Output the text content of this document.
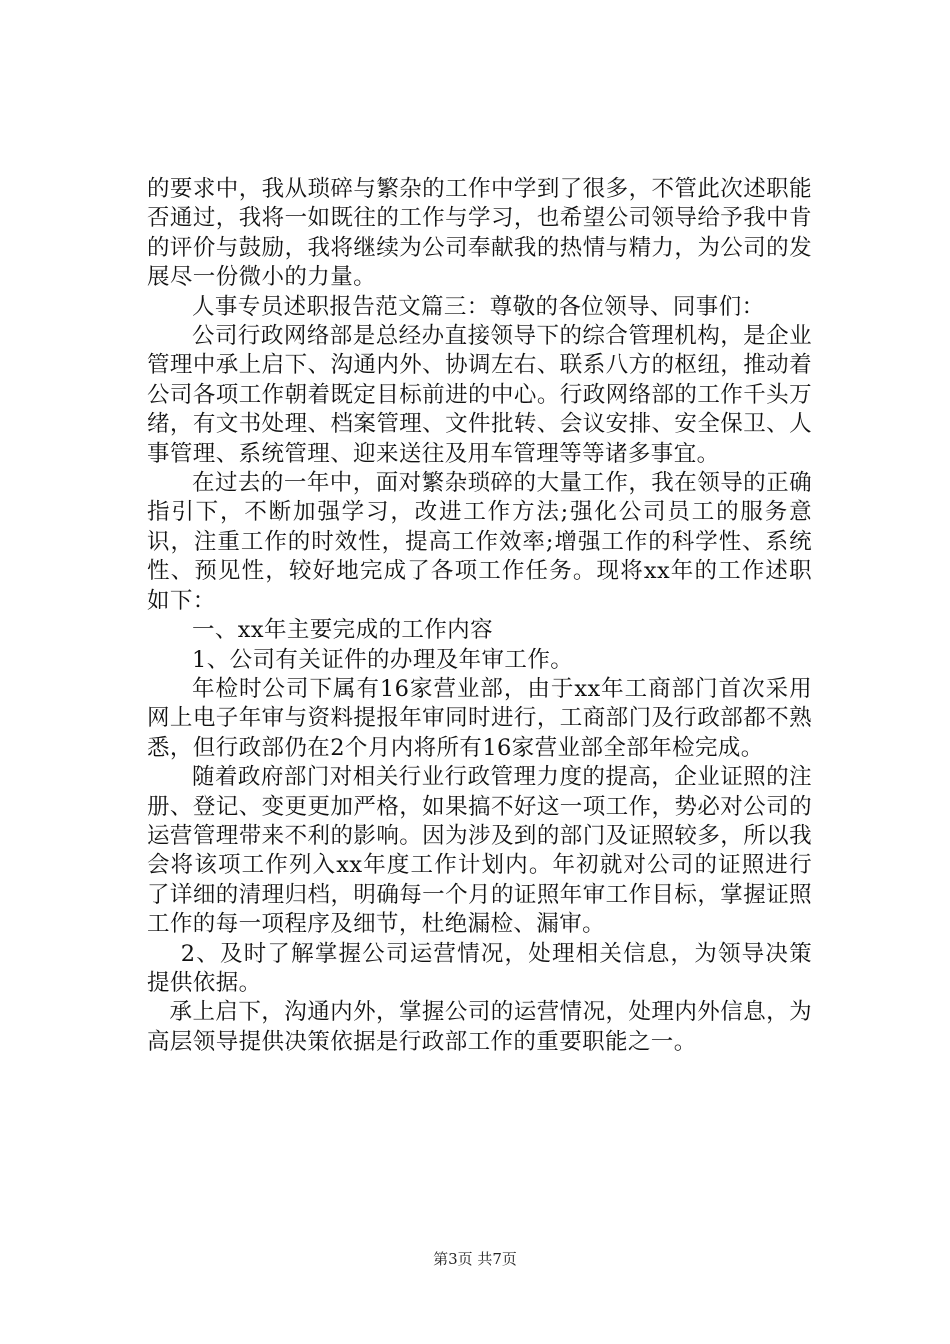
的要求中，我从琐碎与繁杂的工作中学到了很多，不管此次述职能否通过，我将一如既往的工作与学习，也希望公司领导给予我中肯的评价与鼓励，我将继续为公司奉献我的热情与精力，为公司的发展尽一份微小的力量。

人事专员述职报告范文篇三：尊敬的各位领导、同事们：

公司行政网络部是总经办直接领导下的综合管理机构，是企业管理中承上启下、沟通内外、协调左右、联系八方的枢纽，推动着公司各项工作朝着既定目标前进的中心。行政网络部的工作千头万绪，有文书处理、档案管理、文件批转、会议安排、安全保卫、人事管理、系统管理、迎来送往及用车管理等等诸多事宜。

在过去的一年中，面对繁杂琐碎的大量工作，我在领导的正确指引下，不断加强学习，改进工作方法;强化公司员工的服务意识，注重工作的时效性，提高工作效率;增强工作的科学性、系统性、预见性，较好地完成了各项工作任务。现将xx年的工作述职如下：

一、xx年主要完成的工作内容

1、公司有关证件的办理及年审工作。

年检时公司下属有16家营业部，由于xx年工商部门首次采用网上电子年审与资料提报年审同时进行，工商部门及行政部都不熟悉，但行政部仍在2个月内将所有16家营业部全部年检完成。

随着政府部门对相关行业行政管理力度的提高，企业证照的注册、登记、变更更加严格，如果搞不好这一项工作，势必对公司的运营管理带来不利的影响。因为涉及到的部门及证照较多，所以我会将该项工作列入xx年度工作计划内。年初就对公司的证照进行了详细的清理归档，明确每一个月的证照年审工作目标，掌握证照工作的每一项程序及细节，杜绝漏检、漏审。

2、及时了解掌握公司运营情况，处理相关信息，为领导决策提供依据。

承上启下，沟通内外，掌握公司的运营情况，处理内外信息，为高层领导提供决策依据是行政部工作的重要职能之一。

第3页 共7页
